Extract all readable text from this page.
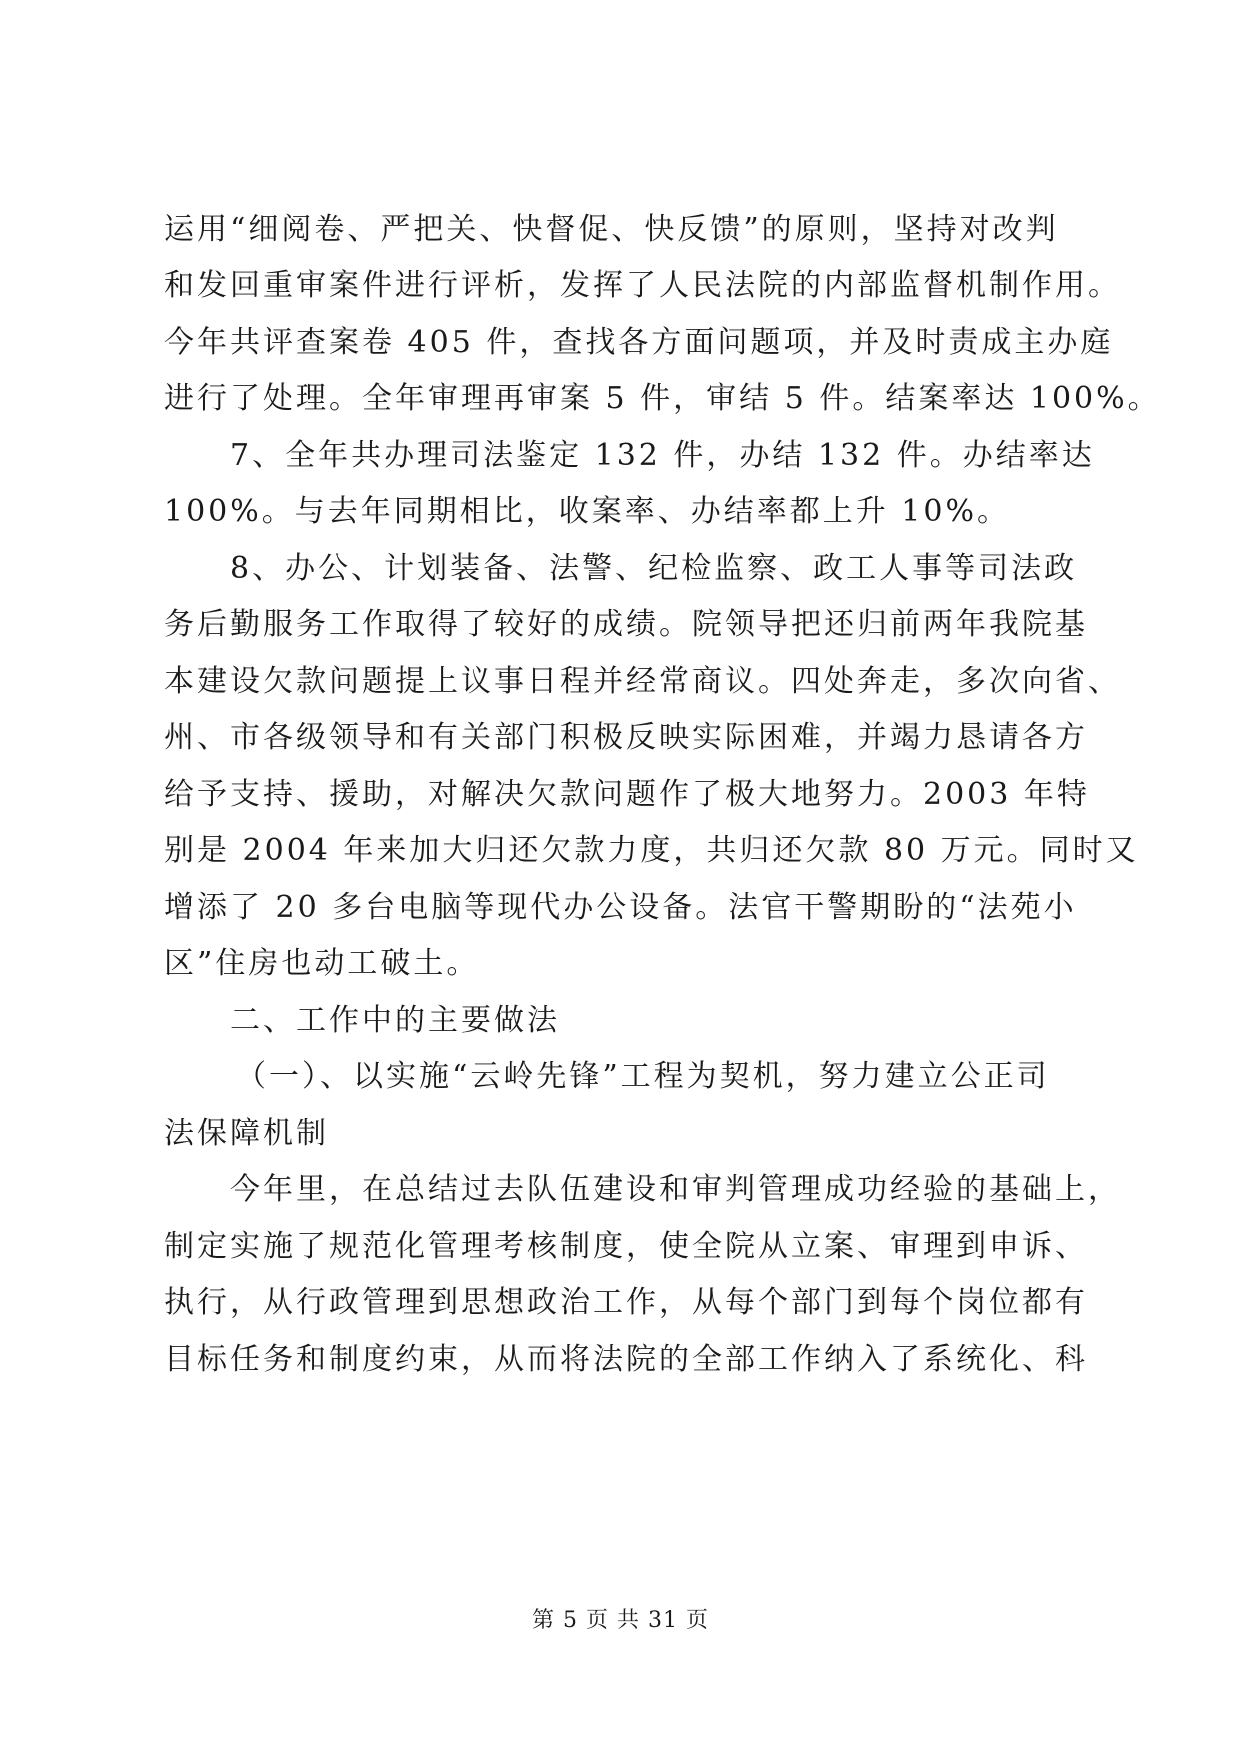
运用“细阅卷、严把关、快督促、快反馈”的原则，坚持对改判
和发回重审案件进行评析，发挥了人民法院的内部监督机制作用。
今年共评查案卷 405 件，查找各方面问题项，并及时责成主办庭
进行了处理。全年审理再审案 5 件，审结 5 件。结案率达 100%。
7、全年共办理司法鉴定 132 件，办结 132 件。办结率达
100%。与去年同期相比，收案率、办结率都上升 10%。
8、办公、计划装备、法警、纪检监察、政工人事等司法政
务后勤服务工作取得了较好的成绩。院领导把还归前两年我院基
本建设欠款问题提上议事日程并经常商议。四处奔走，多次向省、
州、市各级领导和有关部门积极反映实际困难，并竭力恳请各方
给予支持、援助，对解决欠款问题作了极大地努力。2003 年特
别是 2004 年来加大归还欠款力度，共归还欠款 80 万元。同时又
增添了 20 多台电脑等现代办公设备。法官干警期盼的“法苑小
区”住房也动工破土。
二、工作中的主要做法
（一）、以实施“云岭先锋”工程为契机，努力建立公正司
法保障机制
今年里，在总结过去队伍建设和审判管理成功经验的基础上，
制定实施了规范化管理考核制度，使全院从立案、审理到申诉、
执行，从行政管理到思想政治工作，从每个部门到每个岗位都有
目标任务和制度约束，从而将法院的全部工作纳入了系统化、科
第 5 页 共 31 页
